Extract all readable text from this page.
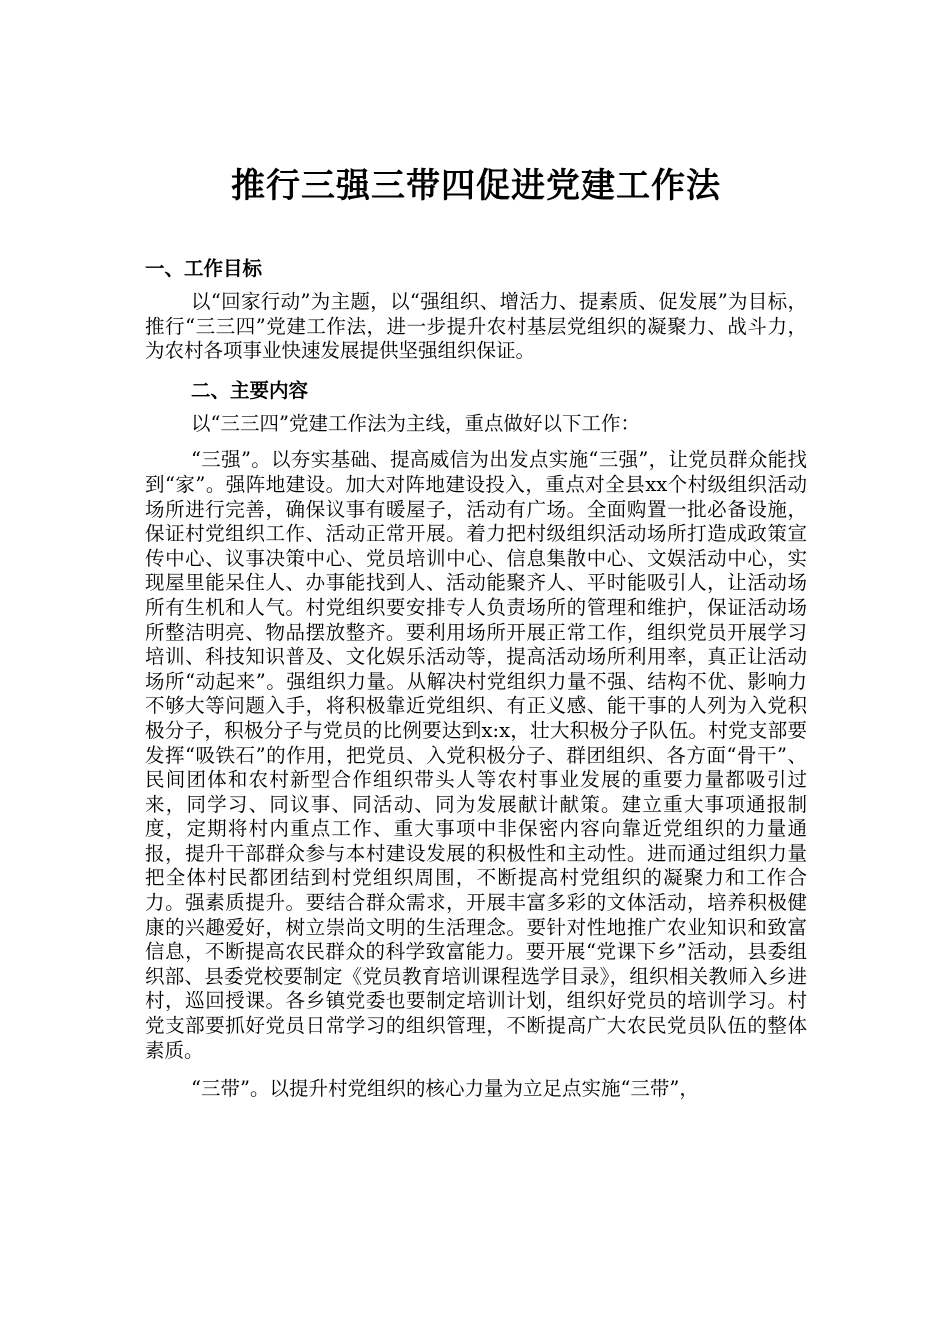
推行三强三带四促进党建工作法

一、工作目标

以“回家行动”为主题，以“强组织、增活力、提素质、促发展”为目标，推行“三三四”党建工作法，进一步提升农村基层党组织的凝聚力、战斗力，为农村各项事业快速发展提供坚强组织保证。

二、主要内容

以“三三四”党建工作法为主线，重点做好以下工作：

“三强”。以夯实基础、提高威信为出发点实施“三强”，让党员群众能找到“家”。强阵地建设。加大对阵地建设投入，重点对全县xx个村级组织活动场所进行完善，确保议事有暖屋子，活动有广场。全面购置一批必备设施，保证村党组织工作、活动正常开展。着力把村级组织活动场所打造成政策宣传中心、议事决策中心、党员培训中心、信息集散中心、文娱活动中心，实现屋里能呆住人、办事能找到人、活动能聚齐人、平时能吸引人，让活动场所有生机和人气。村党组织要安排专人负责场所的管理和维护，保证活动场所整洁明亮、物品摆放整齐。要利用场所开展正常工作，组织党员开展学习培训、科技知识普及、文化娱乐活动等，提高活动场所利用率，真正让活动场所“动起来”。强组织力量。从解决村党组织力量不强、结构不优、影响力不够大等问题入手，将积极靠近党组织、有正义感、能干事的人列为入党积极分子，积极分子与党员的比例要达到x:x，壮大积极分子队伍。村党支部要发挥“吸铁石”的作用，把党员、入党积极分子、群团组织、各方面“骨干”、民间团体和农村新型合作组织带头人等农村事业发展的重要力量都吸引过来，同学习、同议事、同活动、同为发展献计献策。建立重大事项通报制度，定期将村内重点工作、重大事项中非保密内容向靠近党组织的力量通报，提升干部群众参与本村建设发展的积极性和主动性。进而通过组织力量把全体村民都团结到村党组织周围，不断提高村党组织的凝聚力和工作合力。强素质提升。要结合群众需求，开展丰富多彩的文体活动，培养积极健康的兴趣爱好，树立崇尚文明的生活理念。要针对性地推广农业知识和致富信息，不断提高农民群众的科学致富能力。要开展“党课下乡”活动，县委组织部、县委党校要制定《党员教育培训课程选学目录》，组织相关教师入乡进村，巡回授课。各乡镇党委也要制定培训计划，组织好党员的培训学习。村党支部要抓好党员日常学习的组织管理，不断提高广大农民党员队伍的整体素质。

“三带”。以提升村党组织的核心力量为立足点实施“三带”，
